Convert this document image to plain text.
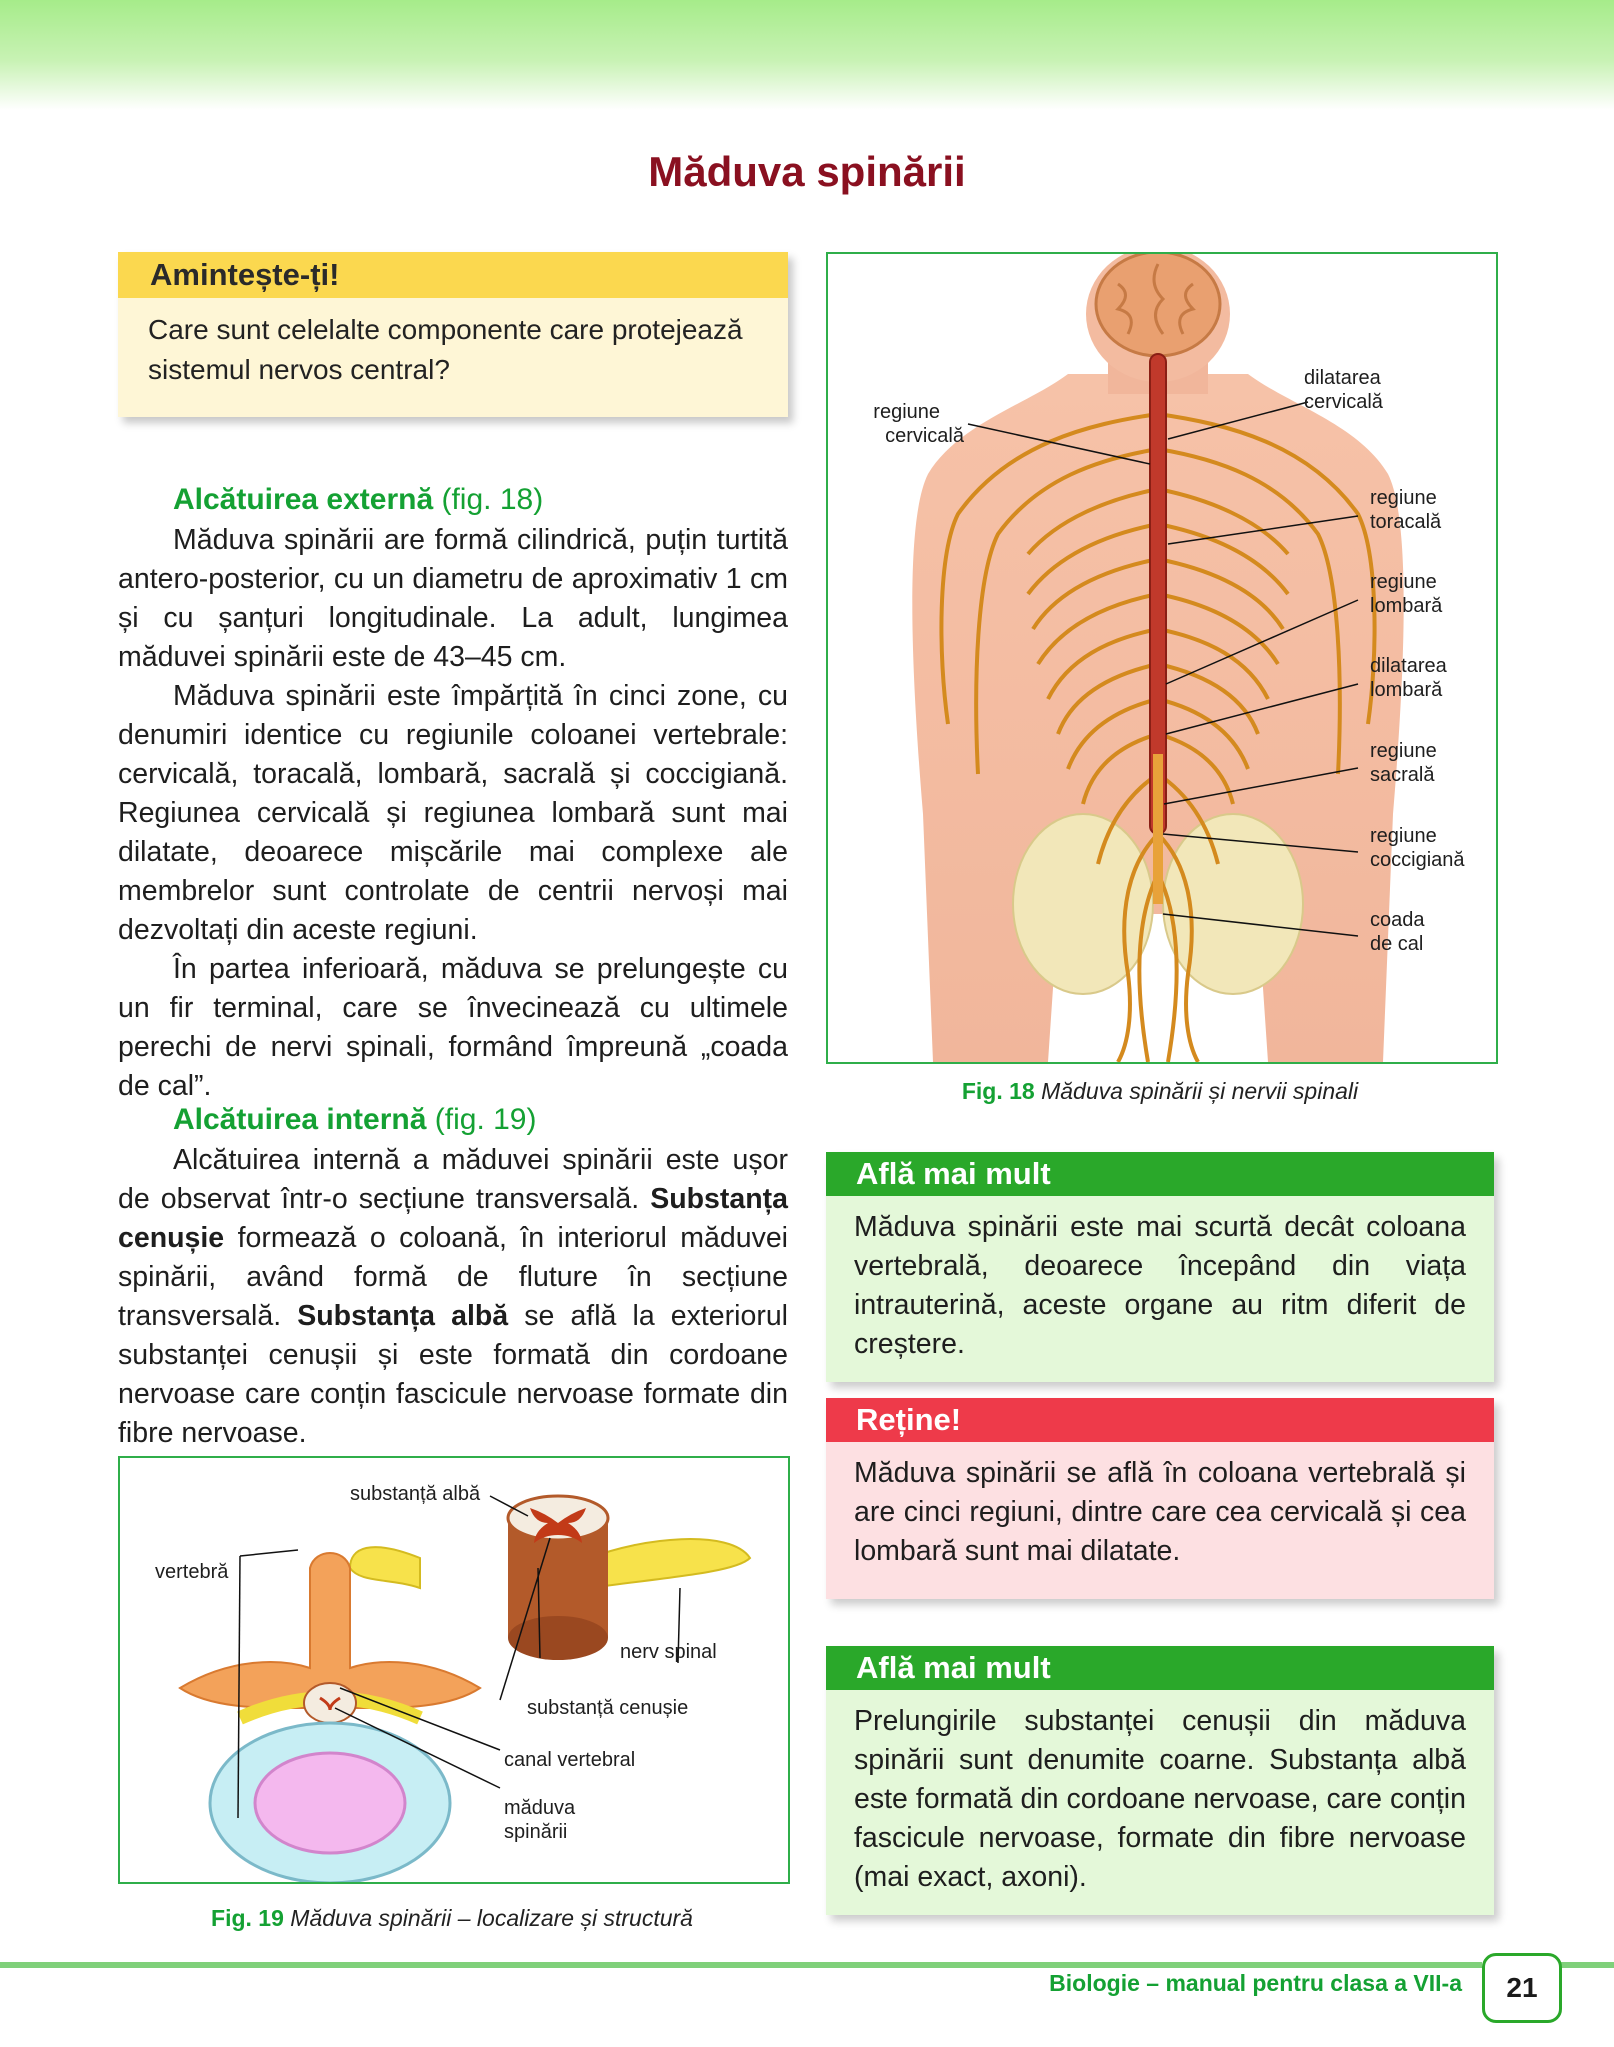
Măduva spinării
Amintește-ți!
Care sunt celelalte componente care protejează sistemul nervos central?
Alcătuirea externă (fig. 18)

Măduva spinării are formă cilindrică, puțin turtită antero-posterior, cu un diametru de aproximativ 1 cm și cu șanțuri longitudinale. La adult, lungimea măduvei spinării este de 43–45 cm.

Măduva spinării este împărțită în cinci zone, cu denumiri identice cu regiunile coloanei vertebrale: cervicală, toracală, lombară, sacrală și coccigiană. Regiunea cervicală și regiunea lombară sunt mai dilatate, deoarece mișcările mai complexe ale membrelor sunt controlate de centrii nervoși mai dezvoltați din aceste regiuni.

În partea inferioară, măduva se prelungește cu un fir terminal, care se învecinează cu ultimele perechi de nervi spinali, formând împreună „coada de cal”.

Alcătuirea internă (fig. 19)

Alcătuirea internă a măduvei spinării este ușor de observat într-o secțiune transversală. Substanța cenușie formează o coloană, în interiorul măduvei spinării, având formă de fluture în secțiune transversală. Substanța albă se află la exteriorul substanței cenușii și este formată din cordoane nervoase care conțin fascicule nervoase formate din fibre nervoase.

regiune
cervicală
dilatarea
cervicală
regiune
toracală
regiune
lombară
dilatarea
lombară
regiune
sacrală
regiune
coccigiană
coada
de cal
Fig. 18 Măduva spinării și nervii spinali
substanță albă
vertebră
nerv spinal
substanță cenușie
canal vertebral
măduva
spinării
Fig. 19 Măduva spinării – localizare și structură
Află mai mult
Măduva spinării este mai scurtă decât coloana vertebrală, deoarece începând din viața intrauterină, aceste organe au ritm diferit de creștere.
Reține!
Măduva spinării se află în coloana vertebrală și are cinci regiuni, dintre care cea cervicală și cea lombară sunt mai dilatate.
Află mai mult
Prelungirile substanței cenușii din măduva spinării sunt denumite coarne. Substanța albă este formată din cordoane nervoase, care conțin fascicule nervoase, formate din fibre nervoase (mai exact, axoni).
Biologie – manual pentru clasa a VII-a	21
